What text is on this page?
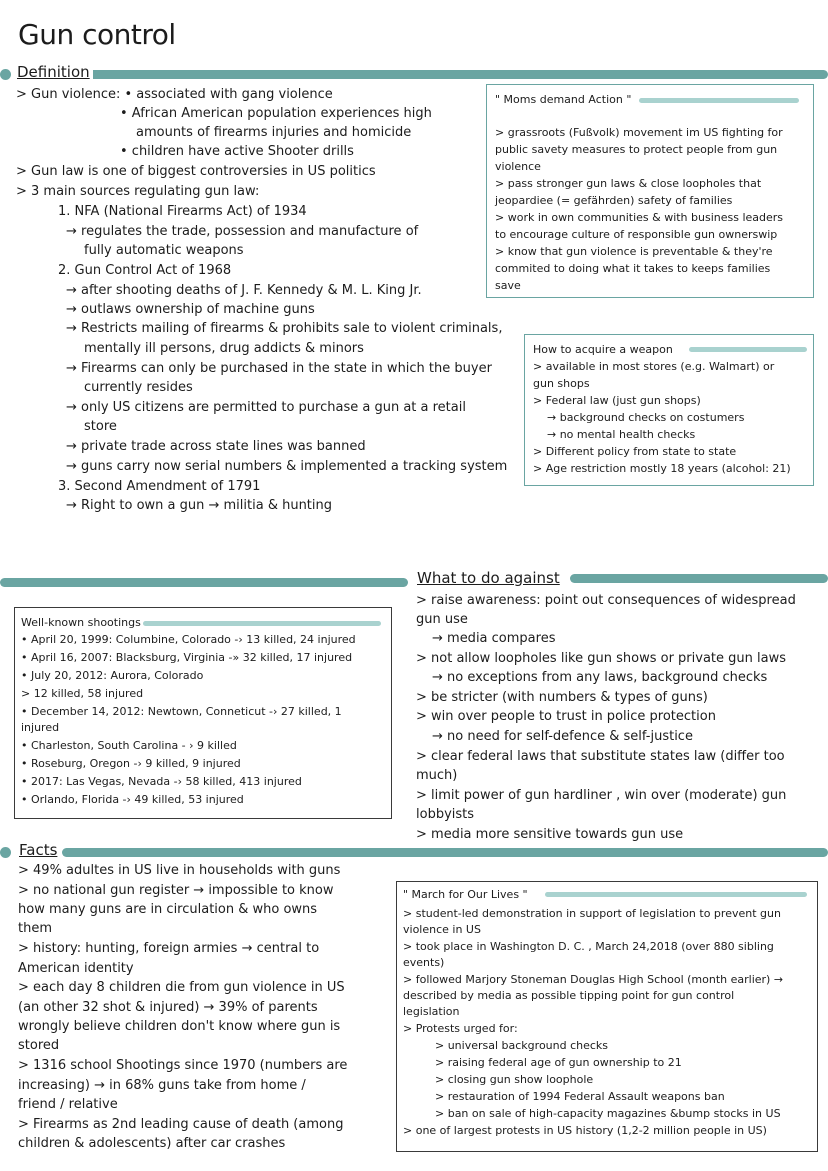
Gun control
Definition
> Gun violence: • associated with gang violence
• African American population experiences high
amounts of firearms injuries and homicide
• children have active Shooter drills
> Gun law is one of biggest controversies in US politics
> 3 main sources regulating gun law:
1. NFA (National Firearms Act) of 1934
→ regulates the trade, possession and manufacture of
fully automatic weapons
2. Gun Control Act of 1968
→ after shooting deaths of J. F. Kennedy & M. L. King Jr.
→ outlaws ownership of machine guns
→ Restricts mailing of firearms & prohibits sale to violent criminals,
mentally ill persons, drug addicts & minors
→ Firearms can only be purchased in the state in which the buyer
currently resides
→ only US citizens are permitted to purchase a gun at a retail
store
→ private trade across state lines was banned
→ guns carry now serial numbers & implemented a tracking system
3. Second Amendment of 1791
→ Right to own a gun → militia & hunting
" Moms demand Action "
> grassroots (Fußvolk) movement im US fighting for
public savety measures to protect people from gun
violence
> pass stronger gun laws & close loopholes that
jeopardiee (= gefährden) safety of families
> work in own communities & with business leaders
to encourage culture of responsible gun ownerswip
> know that gun violence is preventable & they're
commited to doing what it takes to keeps families
save
How to acquire a weapon
> available in most stores (e.g. Walmart) or
gun shops
> Federal law (just gun shops)
→ background checks on costumers
→ no mental health checks
> Different policy from state to state
> Age restriction mostly 18 years (alcohol: 21)
What to do against
> raise awareness: point out consequences of widespread
gun use
→ media compares
> not allow loopholes like gun shows or private gun laws
→ no exceptions from any laws, background checks
> be stricter (with numbers & types of guns)
> win over people to trust in police protection
→ no need for self-defence & self-justice
> clear federal laws that substitute states law (differ too
much)
> limit power of gun hardliner , win over (moderate) gun
lobbyists
> media more sensitive towards gun use
Well-known shootings
• April 20, 1999: Columbine, Colorado -› 13 killed, 24 injured
• April 16, 2007: Blacksburg, Virginia -» 32 killed, 17 injured
• July 20, 2012: Aurora, Colorado
> 12 killed, 58 injured
• December 14, 2012: Newtown, Conneticut -› 27 killed, 1
injured
• Charleston, South Carolina - › 9 killed
• Roseburg, Oregon -› 9 killed, 9 injured
• 2017: Las Vegas, Nevada -› 58 killed, 413 injured
• Orlando, Florida -› 49 killed, 53 injured
Facts
> 49% adultes in US live in households with guns
> no national gun register → impossible to know
how many guns are in circulation & who owns
them
> history: hunting, foreign armies → central to
American identity
> each day 8 children die from gun violence in US
(an other 32 shot & injured) → 39% of parents
wrongly believe children don't know where gun is
stored
> 1316 school Shootings since 1970 (numbers are
increasing) → in 68% guns take from home /
friend / relative
> Firearms as 2nd leading cause of death (among
children & adolescents) after car crashes
" March for Our Lives "
> student-led demonstration in support of legislation to prevent gun
violence in US
> took place in Washington D. C. , March 24,2018 (over 880 sibling
events)
> followed Marjory Stoneman Douglas High School (month earlier) →
described by media as possible tipping point for gun control
legislation
> Protests urged for:
> universal background checks
> raising federal age of gun ownership to 21
> closing gun show loophole
> restauration of 1994 Federal Assault weapons ban
> ban on sale of high-capacity magazines &bump stocks in US
> one of largest protests in US history (1,2-2 million people in US)
